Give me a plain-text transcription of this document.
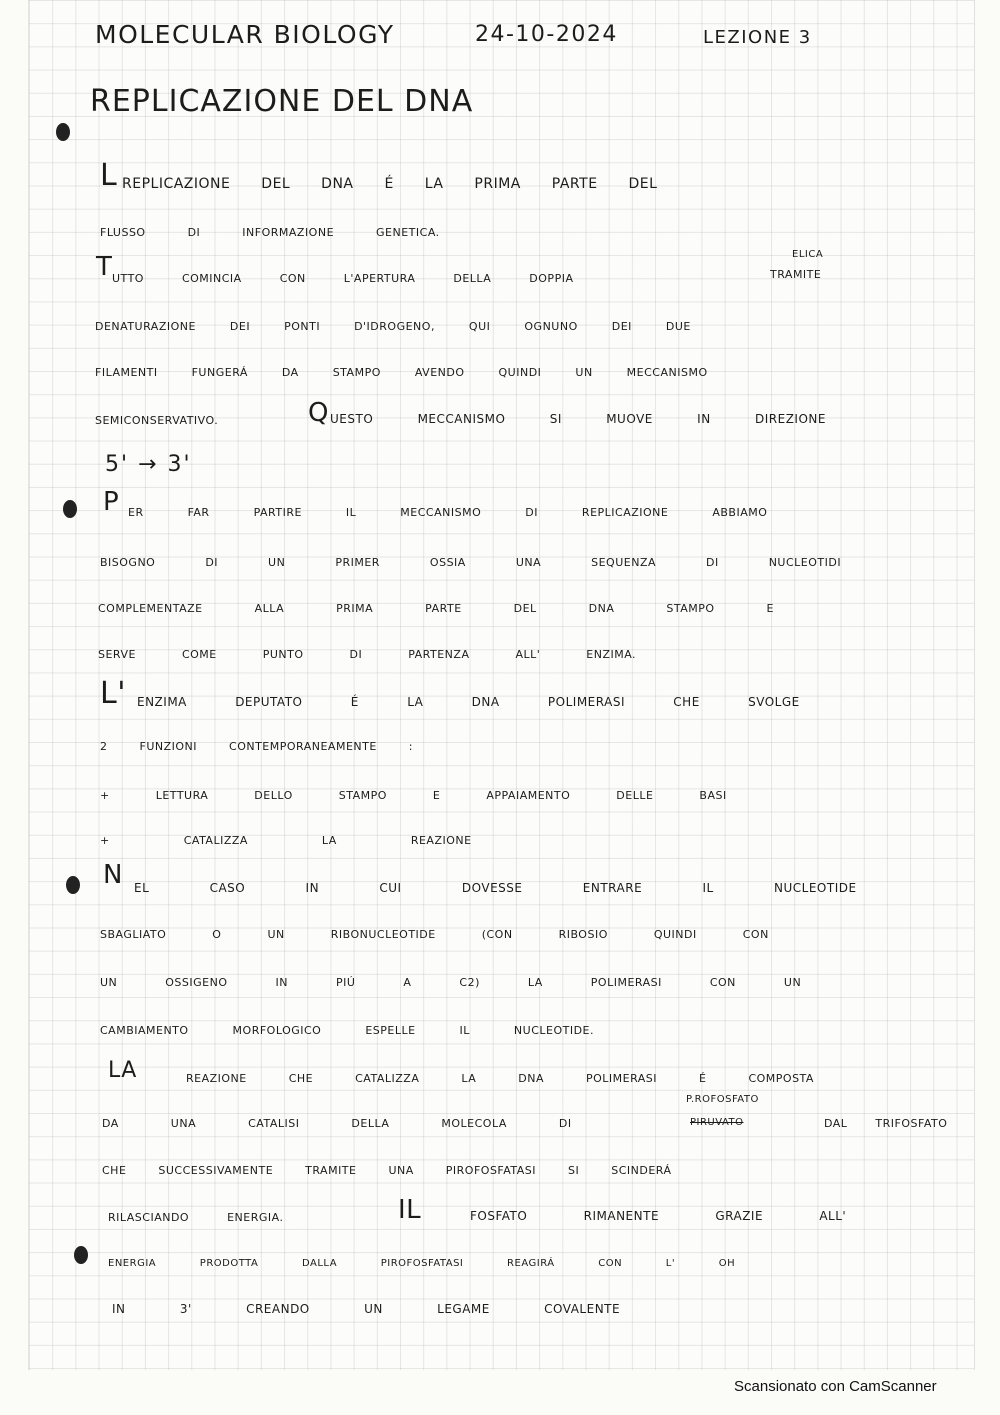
MOLECULAR BIOLOGY	24-10-2024	LEZIONE 3
REPLICAZIONE DEL DNA
L REPLICAZIONE DEL DNA É LA PRIMA PARTE DEL
FLUSSO DI INFORMAZIONE GENETICA.
T UTTO COMINCIA CON L'APERTURA DELLA DOPPIA	TRAMITE
ELICA
DENATURAZIONE DEI PONTI D'IDROGENO, QUI OGNUNO DEI DUE
FILAMENTI FUNGERÁ DA STAMPO AVENDO QUINDI UN MECCANISMO
SEMICONSERVATIVO.	Q UESTO MECCANISMO SI MUOVE IN DIREZIONE
5' → 3'
P ER FAR PARTIRE IL MECCANISMO DI REPLICAZIONE ABBIAMO
BISOGNO DI UN PRIMER OSSIA UNA SEQUENZA DI NUCLEOTIDI
COMPLEMENTAZE ALLA PRIMA PARTE DEL DNA STAMPO E
SERVE COME PUNTO DI PARTENZA ALL' ENZIMA.
L' ENZIMA DEPUTATO É LA DNA POLIMERASI CHE SVOLGE
2 FUNZIONI CONTEMPORANEAMENTE :
+ LETTURA DELLO STAMPO E APPAIAMENTO DELLE BASI
+ CATALIZZA LA REAZIONE
N EL CASO IN CUI DOVESSE ENTRARE IL NUCLEOTIDE
SBAGLIATO O UN RIBONUCLEOTIDE (CON RIBOSIO QUINDI CON
UN OSSIGENO IN PIÚ A C2) LA POLIMERASI CON UN
CAMBIAMENTO MORFOLOGICO ESPELLE IL NUCLEOTIDE.
LA	REAZIONE CHE CATALIZZA LA DNA POLIMERASI É COMPOSTA
DA UNA CATALISI DELLA MOLECOLA DI	PIRUVATO	DAL TRIFOSFATO
P.ROFOSFATO
CHE SUCCESSIVAMENTE TRAMITE UNA PIROFOSFATASI SI SCINDERÁ
RILASCIANDO ENERGIA.	IL	FOSFATO RIMANENTE GRAZIE ALL'
ENERGIA PRODOTTA DALLA PIROFOSFATASI REAGIRÁ CON L' OH
IN 3' CREANDO UN LEGAME COVALENTE
Scansionato con CamScanner
